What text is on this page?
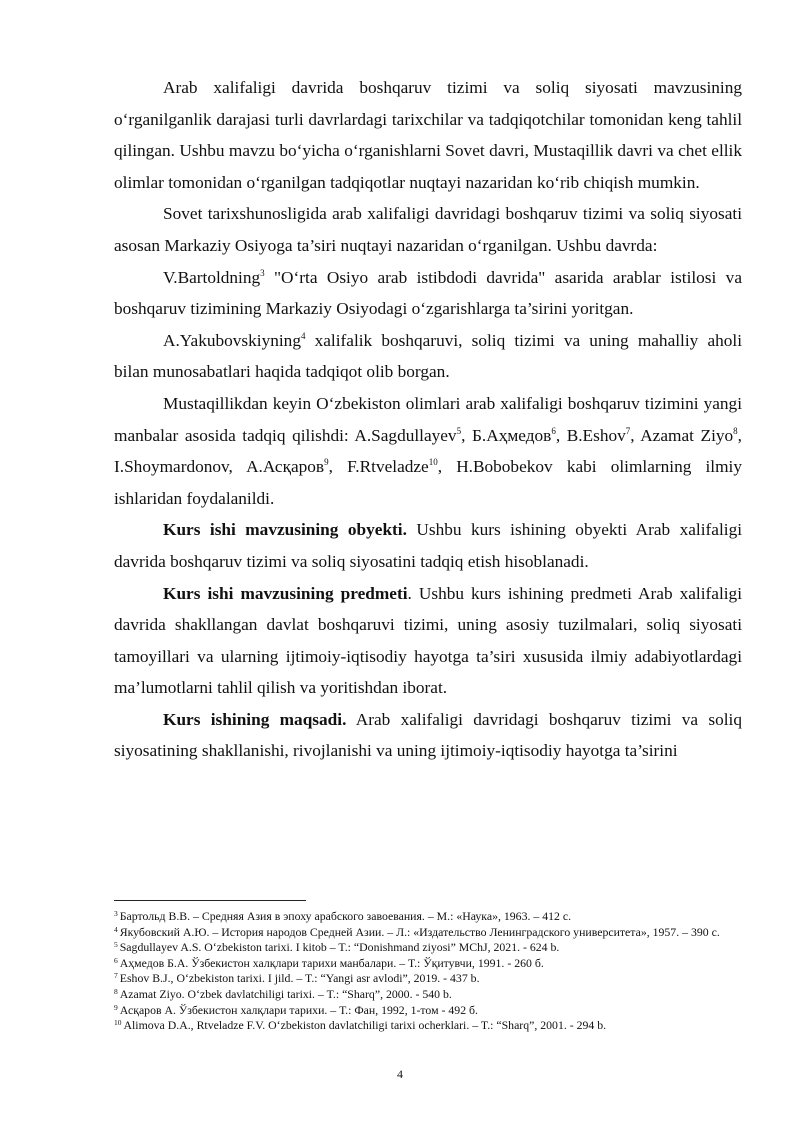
Arab xalifaligi davrida boshqaruv tizimi va soliq siyosati mavzusining o‘rganilganlik darajasi turli davrlardagi tarixchilar va tadqiqotchilar tomonidan keng tahlil qilingan. Ushbu mavzu bo‘yicha o‘rganishlarni Sovet davri, Mustaqillik davri va chet ellik olimlar tomonidan o‘rganilgan tadqiqotlar nuqtayi nazaridan ko‘rib chiqish mumkin.

Sovet tarixshunosligida arab xalifaligi davridagi boshqaruv tizimi va soliq siyosati asosan Markaziy Osiyoga ta’siri nuqtayi nazaridan o‘rganilgan. Ushbu davrda:

V.Bartoldning$^3$ "O‘rta Osiyo arab istibdodi davrida" asarida arablar istilosi va boshqaruv tizimining Markaziy Osiyodagi o‘zgarishlarga ta’sirini yoritgan.

A.Yakubovskiyning$^4$ xalifalik boshqaruvi, soliq tizimi va uning mahalliy aholi bilan munosabatlari haqida tadqiqot olib borgan.

Mustaqillikdan keyin O‘zbekiston olimlari arab xalifaligi boshqaruv tizimini yangi manbalar asosida tadqiq qilishdi: A.Sagdullayev$^5$, Б.Аҳмедов$^6$, B.Eshov$^7$, Azamat Ziyo$^8$, I.Shoymardonov, A.Асқаров$^9$, F.Rtveladze$^{10}$, H.Bobobekov kabi olimlarning ilmiy ishlaridan foydalanildi.

Kurs ishi mavzusining obyekti. Ushbu kurs ishining obyekti Arab xalifaligi davrida boshqaruv tizimi va soliq siyosatini tadqiq etish hisoblanadi.

Kurs ishi mavzusining predmeti. Ushbu kurs ishining predmeti Arab xalifaligi davrida shakllangan davlat boshqaruvi tizimi, uning asosiy tuzilmalari, soliq siyosati tamoyillari va ularning ijtimoiy-iqtisodiy hayotga ta’siri xususida ilmiy adabiyotlardagi ma’lumotlarni tahlil qilish va yoritishdan iborat.

Kurs ishining maqsadi. Arab xalifaligi davridagi boshqaruv tizimi va soliq siyosatining shakllanishi, rivojlanishi va uning ijtimoiy-iqtisodiy hayotga ta’sirini

$^3$ Бартольд В.В. – Средняя Азия в эпоху арабского завоевания. – М.: «Наука», 1963. – 412 с.
$^4$ Якубовский А.Ю. – История народов Средней Азии. – Л.: «Издательство Ленинградского университета», 1957. – 390 с.
$^5$ Sagdullayev A.S. O‘zbekiston tarixi. I kitob – T.: “Donishmand ziyosi” MChJ, 2021. - 624 b.
$^6$ Аҳмедов Б.А. Ўзбекистон халқлари тарихи манбалари. – Т.: Ўқитувчи, 1991. - 260 б.
$^7$ Eshov B.J., O‘zbekiston tarixi. I jild. – T.: “Yangi asr avlodi”, 2019. - 437 b.
$^8$ Azamat Ziyo. O‘zbek davlatchiligi tarixi. – T.: “Sharq”, 2000. - 540 b.
$^9$ Асқаров А. Ўзбекистон халқлари тарихи. – Т.: Фан, 1992, 1-том - 492 б.
$^{10}$ Alimova D.A., Rtveladze F.V. O‘zbekiston davlatchiligi tarixi ocherklari. – T.: “Sharq”, 2001. - 294 b.
4
